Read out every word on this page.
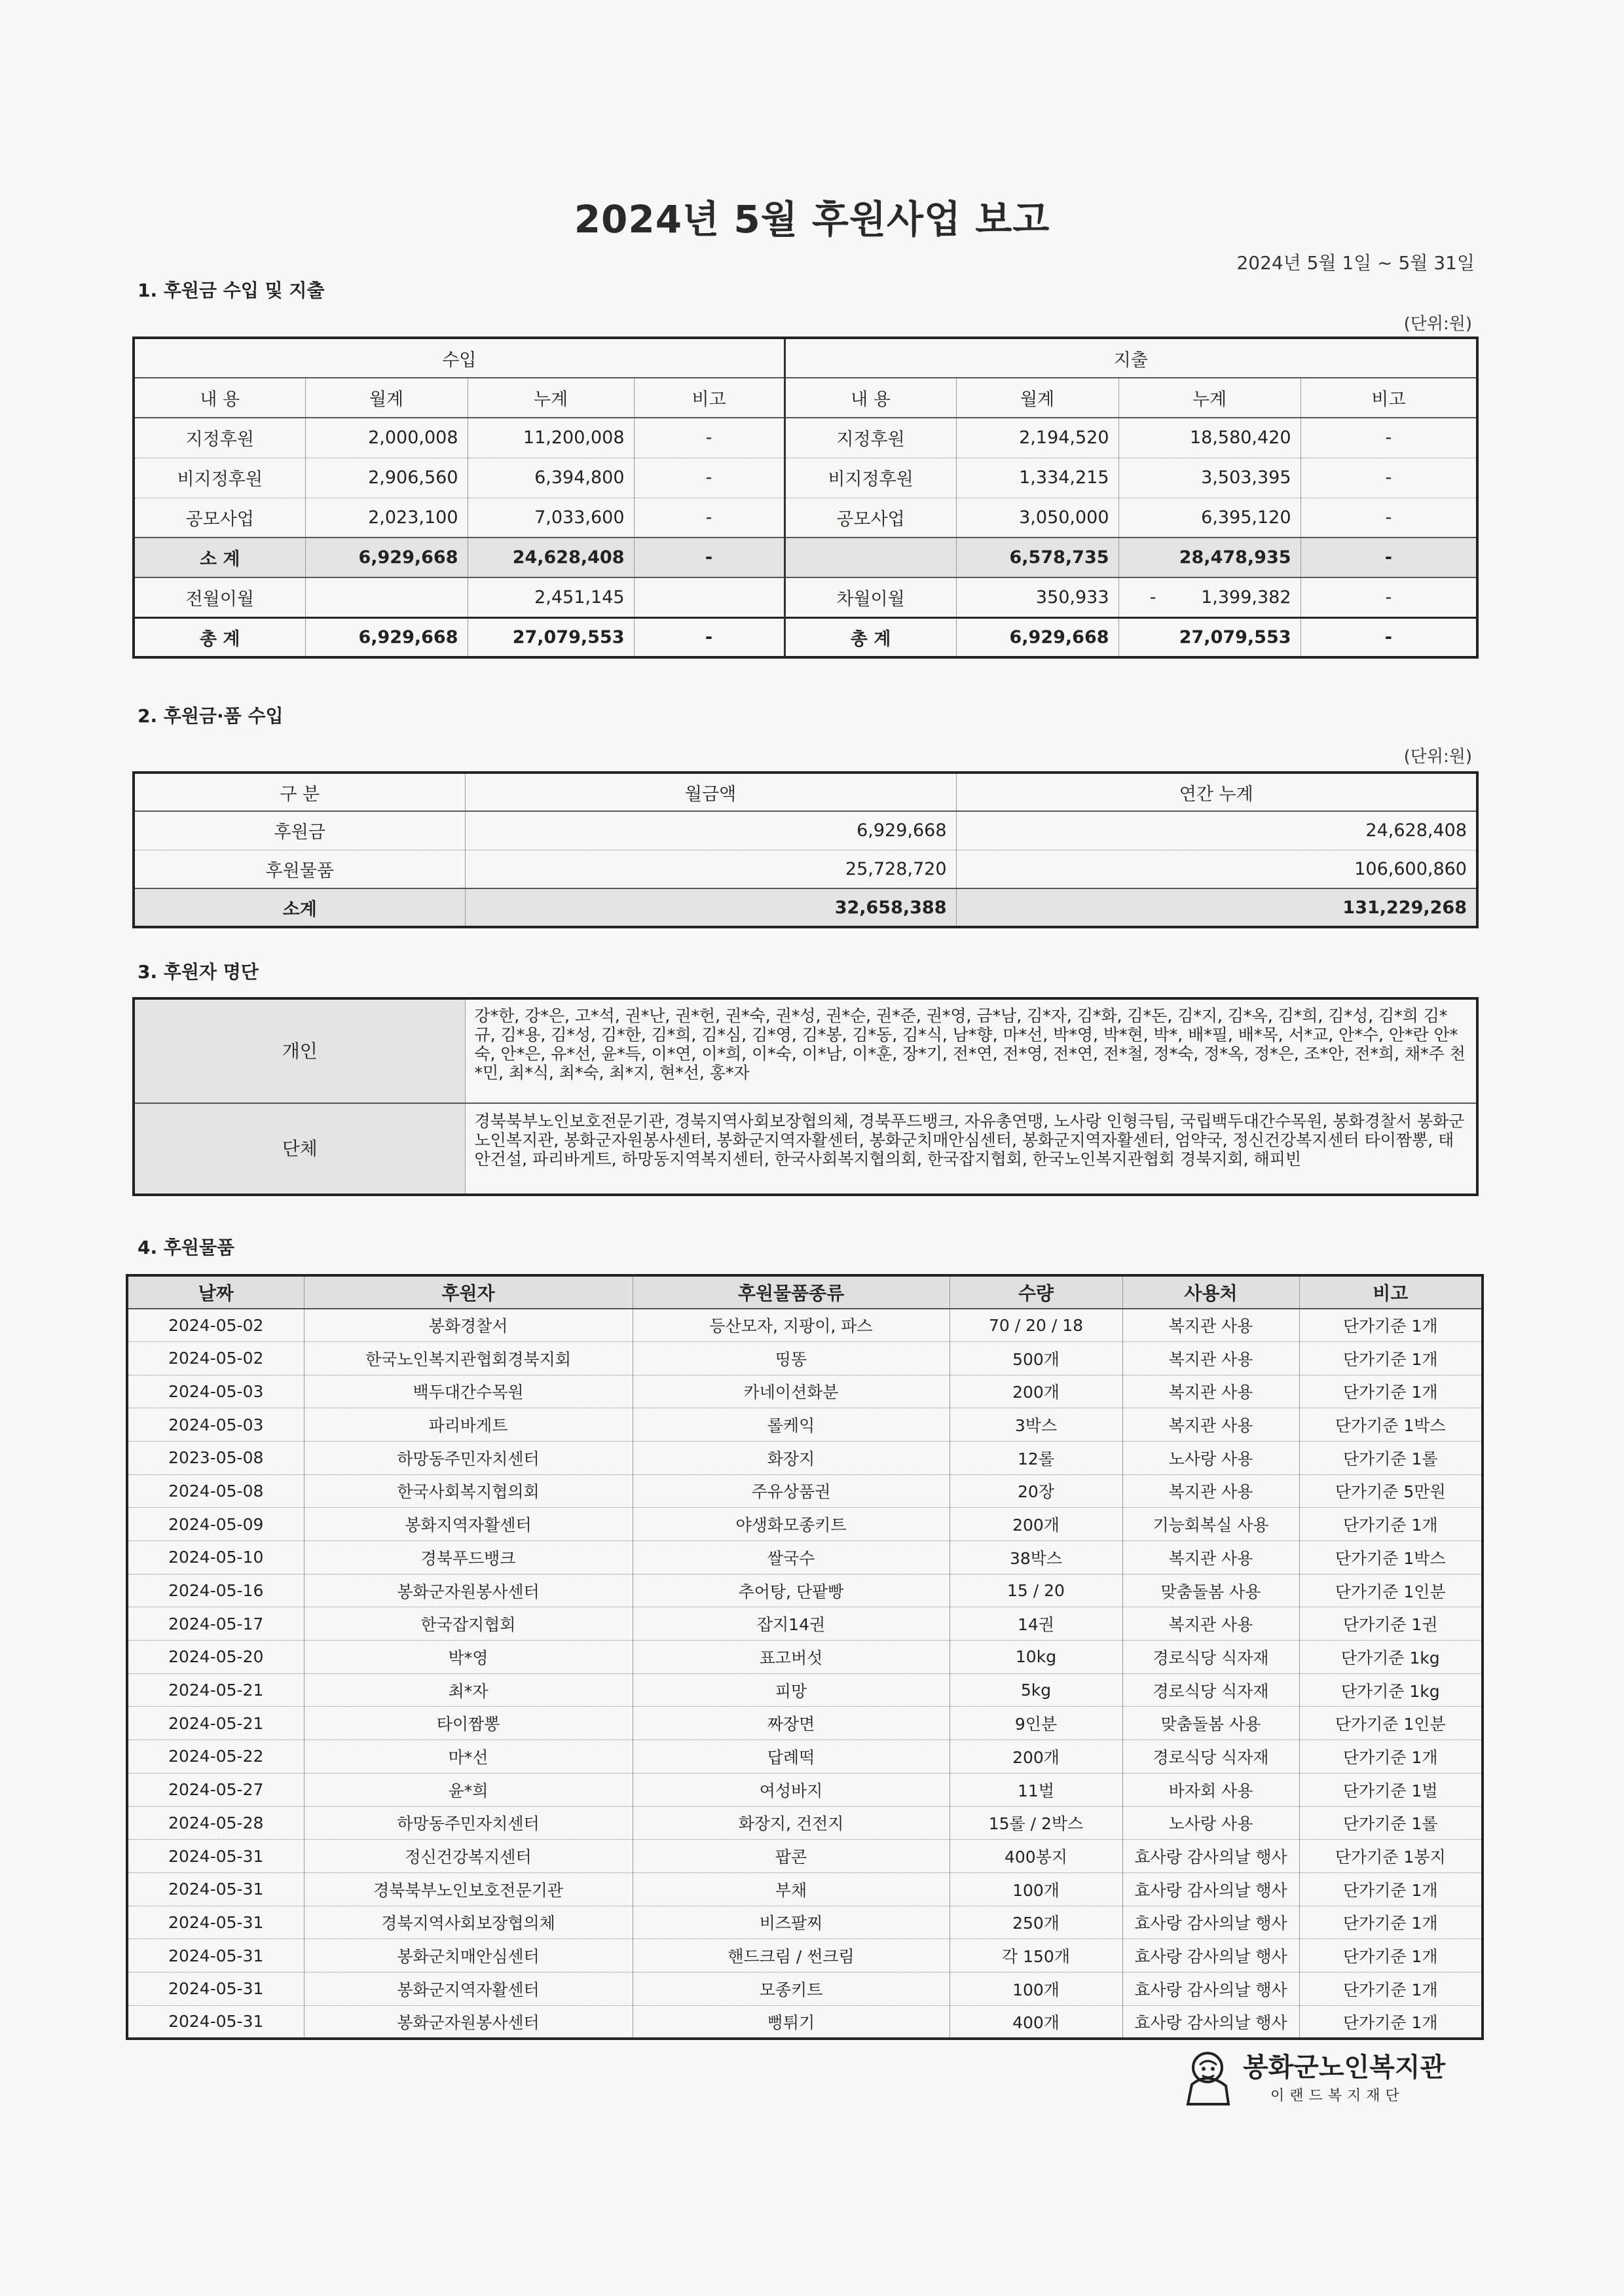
2024년 5월 후원사업 보고
2024년 5월 1일 ~ 5월 31일
1. 후원금 수입 및 지출
(단위:원)
수입				지출			
내 용	월계	누계	비고	내 용	월계	누계	비고
지정후원	2,000,008	11,200,008	-	지정후원	2,194,520	18,580,420	-
비지정후원	2,906,560	6,394,800	-	비지정후원	1,334,215	3,503,395	-
공모사업	2,023,100	7,033,600	-	공모사업	3,050,000	6,395,120	-
소 계	6,929,668	24,628,408	-		6,578,735	28,478,935	-
전월이월		2,451,145		차월이월	350,933	-        1,399,382	-
총 계	6,929,668	27,079,553	-	총 계	6,929,668	27,079,553	-
2. 후원금·품 수입
(단위:원)
구 분	월금액	연간 누계
후원금	6,929,668	24,628,408
후원물품	25,728,720	106,600,860
소계	32,658,388	131,229,268
3. 후원자 명단
개인	강*한, 강*은, 고*석, 권*난, 권*헌, 권*숙, 권*성, 권*순, 권*준, 권*영, 금*남, 김*자, 김*화, 김*돈, 김*지, 김*옥, 김*희, 김*성, 김*희 김*규, 김*용, 김*성, 김*한, 김*희, 김*심, 김*영, 김*봉, 김*동, 김*식, 남*향, 마*선, 박*영, 박*현, 박*, 배*필, 배*목, 서*교, 안*수, 안*란 안*숙, 안*은, 유*선, 윤*득, 이*연, 이*희, 이*숙, 이*남, 이*훈, 장*기, 전*연, 전*영, 전*연, 전*철, 정*숙, 정*옥, 정*은, 조*안, 전*희, 채*주 천*민, 최*식, 최*숙, 최*지, 현*선, 홍*자
단체	경북북부노인보호전문기관, 경북지역사회보장협의체, 경북푸드뱅크, 자유총연맹, 노사랑 인형극팀, 국립백두대간수목원, 봉화경찰서 봉화군노인복지관, 봉화군자원봉사센터, 봉화군지역자활센터, 봉화군치매안심센터, 봉화군지역자활센터, 엄약국, 정신건강복지센터 타이짬뽕, 태안건설, 파리바게트, 하망동지역복지센터, 한국사회복지협의회, 한국잡지협회, 한국노인복지관협회 경북지회, 해피빈
4. 후원물품
날짜	후원자	후원물품종류	수량	사용처	비고
2024-05-02	봉화경찰서	등산모자, 지팡이, 파스	70 / 20 / 18	복지관 사용	단가기준 1개
2024-05-02	한국노인복지관협회경북지회	띵똥	500개	복지관 사용	단가기준 1개
2024-05-03	백두대간수목원	카네이션화분	200개	복지관 사용	단가기준 1개
2024-05-03	파리바게트	롤케익	3박스	복지관 사용	단가기준 1박스
2023-05-08	하망동주민자치센터	화장지	12롤	노사랑 사용	단가기준 1롤
2024-05-08	한국사회복지협의회	주유상품권	20장	복지관 사용	단가기준 5만원
2024-05-09	봉화지역자활센터	야생화모종키트	200개	기능회복실 사용	단가기준 1개
2024-05-10	경북푸드뱅크	쌀국수	38박스	복지관 사용	단가기준 1박스
2024-05-16	봉화군자원봉사센터	추어탕, 단팥빵	15 / 20	맞춤돌봄 사용	단가기준 1인분
2024-05-17	한국잡지협회	잡지14권	14권	복지관 사용	단가기준 1권
2024-05-20	박*영	표고버섯	10kg	경로식당 식자재	단가기준 1kg
2024-05-21	최*자	피망	5kg	경로식당 식자재	단가기준 1kg
2024-05-21	타이짬뽕	짜장면	9인분	맞춤돌봄 사용	단가기준 1인분
2024-05-22	마*선	답례떡	200개	경로식당 식자재	단가기준 1개
2024-05-27	윤*희	여성바지	11벌	바자회 사용	단가기준 1벌
2024-05-28	하망동주민자치센터	화장지, 건전지	15롤 / 2박스	노사랑 사용	단가기준 1롤
2024-05-31	정신건강복지센터	팝콘	400봉지	효사랑 감사의날 행사	단가기준 1봉지
2024-05-31	경북북부노인보호전문기관	부채	100개	효사랑 감사의날 행사	단가기준 1개
2024-05-31	경북지역사회보장협의체	비즈팔찌	250개	효사랑 감사의날 행사	단가기준 1개
2024-05-31	봉화군치매안심센터	핸드크림 / 썬크림	각 150개	효사랑 감사의날 행사	단가기준 1개
2024-05-31	봉화군지역자활센터	모종키트	100개	효사랑 감사의날 행사	단가기준 1개
2024-05-31	봉화군자원봉사센터	뻥튀기	400개	효사랑 감사의날 행사	단가기준 1개
봉화군노인복지관
이랜드복지재단
